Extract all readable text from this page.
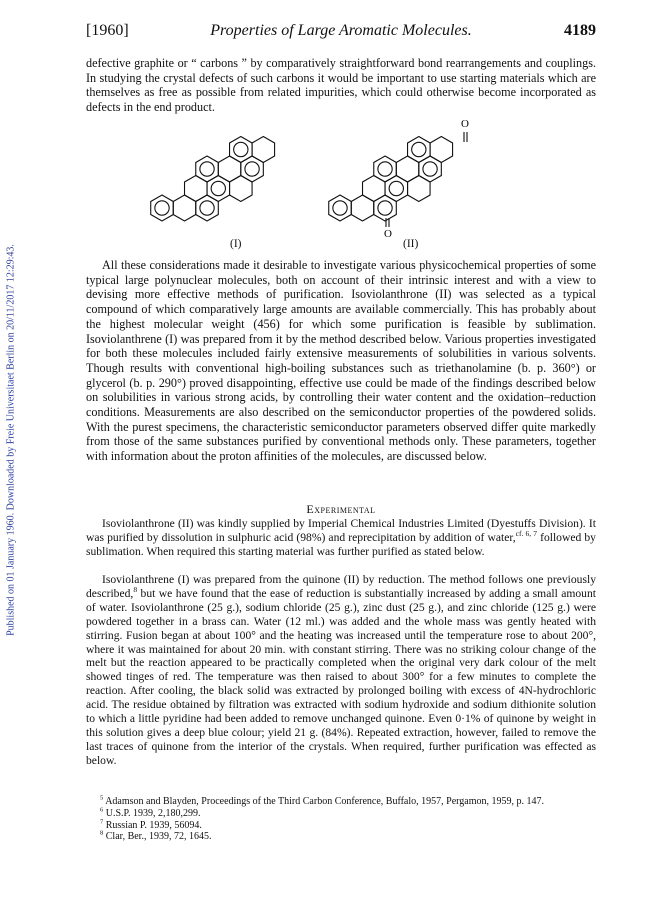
Published on 01 January 1960. Downloaded by Freie Universitaet Berlin on 20/11/2017 12:29:43.
[1960]	Properties of Large Aromatic Molecules.	4189

defective graphite or “ carbons ” by comparatively straightforward bond rearrangements and couplings. In studying the crystal defects of such carbons it would be important to use starting materials which are themselves as free as possible from related impurities, which could otherwise become incorporated as defects in the end product.

O
O
(I)	(II)

All these considerations made it desirable to investigate various physicochemical properties of some typical large polynuclear molecules, both on account of their intrinsic interest and with a view to devising more effective methods of purification. Isoviolanthrone (II) was selected as a typical compound of which comparatively large amounts are available commercially. This has probably about the highest molecular weight (456) for which some purification is feasible by sublimation. Isoviolanthrene (I) was prepared from it by the method described below. Various properties investigated for both these molecules included fairly extensive measurements of solubilities in various solvents. Though results with conventional high-boiling substances such as triethanolamine (b. p. 360°) or glycerol (b. p. 290°) proved disappointing, effective use could be made of the findings described below on solubilities in various strong acids, by controlling their water content and the oxidation–reduction conditions. Measurements are also described on the semiconductor properties of the powdered solids. With the purest specimens, the characteristic semiconductor parameters observed differ quite markedly from those of the same substances purified by conventional methods only. These parameters, together with information about the proton affinities of the molecules, are discussed below.

Experimental

Isoviolanthrone (II) was kindly supplied by Imperial Chemical Industries Limited (Dyestuffs Division). It was purified by dissolution in sulphuric acid (98%) and reprecipitation by addition of water,$^{cf. 6, 7}$ followed by sublimation. When required this starting material was further purified as stated below.

Isoviolanthrene (I) was prepared from the quinone (II) by reduction. The method follows one previously described,$^8$ but we have found that the ease of reduction is substantially increased by adding a small amount of water. Isoviolanthrone (25 g.), sodium chloride (25 g.), zinc dust (25 g.), and zinc chloride (125 g.) were powdered together in a brass can. Water (12 ml.) was added and the whole mass was gently heated with stirring. Fusion began at about 100° and the heating was increased until the temperature rose to about 200°, where it was maintained for about 20 min. with constant stirring. There was no striking colour change of the melt but the reaction appeared to be practically completed when the original very dark colour of the melt showed tinges of red. The temperature was then raised to about 300° for a few minutes to complete the reaction. After cooling, the black solid was extracted by prolonged boiling with excess of 4N-hydrochloric acid. The residue obtained by filtration was extracted with sodium hydroxide and sodium dithionite solution to which a little pyridine had been added to remove unchanged quinone. Even 0·1% of quinone by weight in this solution gives a deep blue colour; yield 21 g. (84%). Repeated extraction, however, failed to remove the last traces of quinone from the interior of the crystals. When required, further purification was effected as below.

$^5$ Adamson and Blayden, Proceedings of the Third Carbon Conference, Buffalo, 1957, Pergamon, 1959, p. 147.

$^6$ U.S.P. 1939, 2,180,299.

$^7$ Russian P. 1939, 56094.

$^8$ Clar, Ber., 1939, 72, 1645.
